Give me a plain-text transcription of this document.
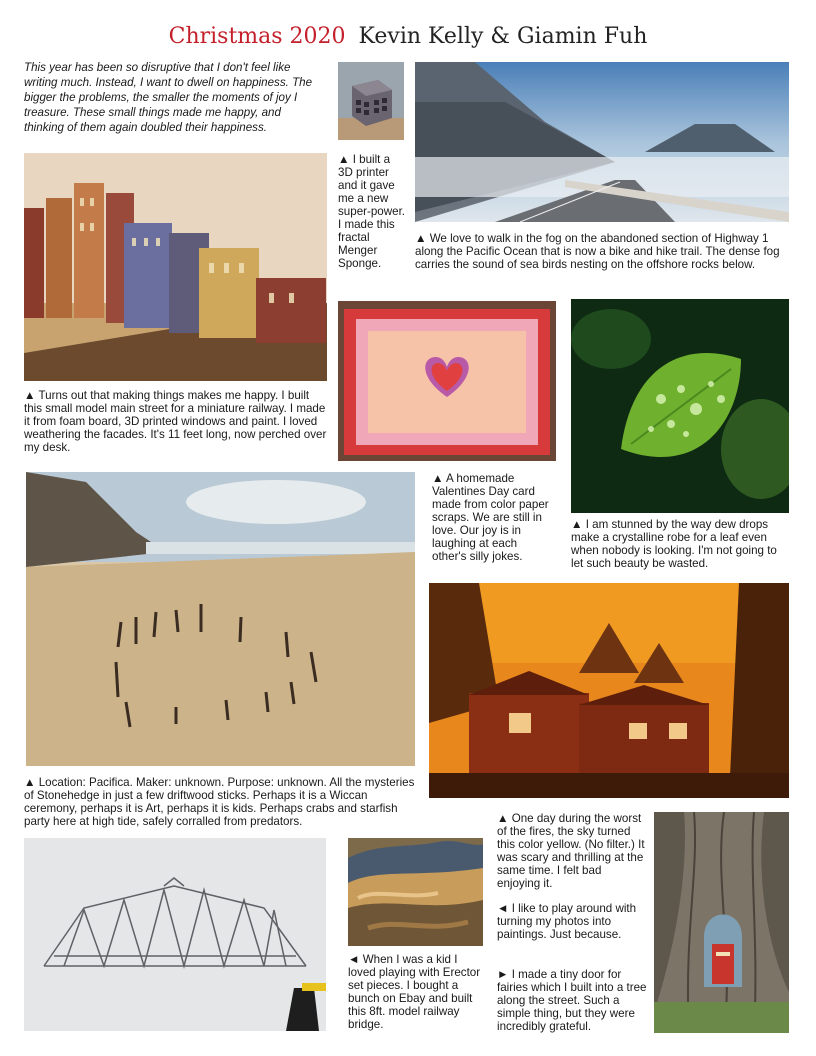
Christmas 2020 Kevin Kelly & Giamin Fuh
This year has been so disruptive that I don't feel like writing much. Instead, I want to dwell on happiness. The bigger the problems, the smaller the moments of joy I treasure. These small things made me happy, and thinking of them again doubled their happiness.
▲ I built a 3D printer and it gave me a new super-power. I made this fractal Menger Sponge.
▲ We love to walk in the fog on the abandoned section of Highway 1 along the Pacific Ocean that is now a bike and hike trail. The dense fog carries the sound of sea birds nesting on the offshore rocks below.
▲ Turns out that making things makes me happy. I built this small model main street for a miniature railway. I made it from foam board, 3D printed windows and paint. I loved weathering the facades. It's 11 feet long, now perched over my desk.
▲ A homemade Valentines Day card made from color paper scraps. We are still in love. Our joy is in laughing at each other's silly jokes.
▲ I am stunned by the way dew drops make a crystalline robe for a leaf even when nobody is looking. I'm not going to let such beauty be wasted.
▲ Location: Pacifica. Maker: unknown. Purpose: unknown. All the mysteries of Stonehedge in just a few driftwood sticks. Perhaps it is a Wiccan ceremony, perhaps it is Art, perhaps it is kids. Perhaps crabs and starfish party here at high tide, safely corralled from predators.	▲ One day during the worst of the fires, the sky turned this color yellow. (No filter.) It was scary and thrilling at the same time. I felt bad enjoying it.
◄ I like to play around with turning my photos into paintings. Just because.
► I made a tiny door for fairies which I built into a tree along the street. Such a simple thing, but they were incredibly grateful.
◄ When I was a kid I loved playing with Erector set pieces. I bought a bunch on Ebay and built this 8ft. model railway bridge.
